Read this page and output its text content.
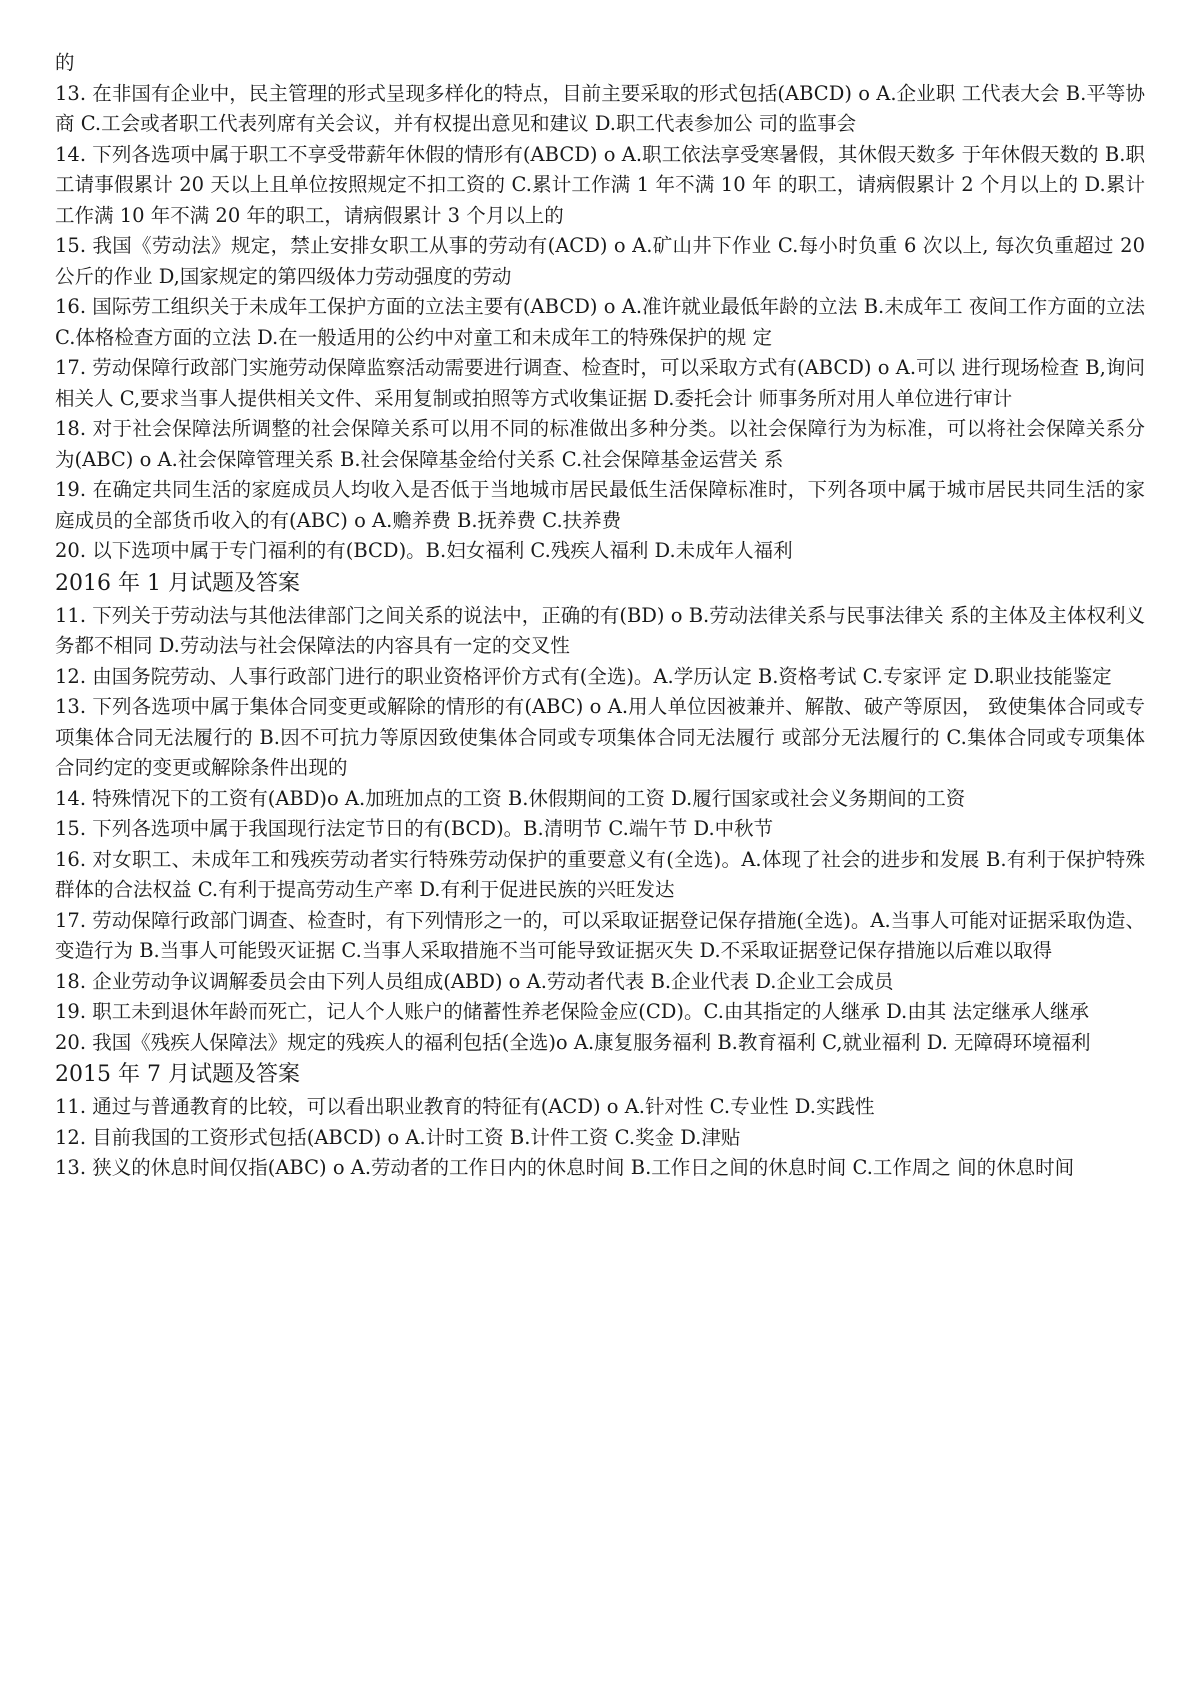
的

13. 在非国有企业中，民主管理的形式呈现多样化的特点，目前主要采取的形式包括(ABCD) o A.企业职 工代表大会 B.平等协商 C.工会或者职工代表列席有关会议，并有权提出意见和建议 D.职工代表参加公 司的监事会

14. 下列各选项中属于职工不享受带薪年休假的情形有(ABCD) o A.职工依法享受寒暑假，其休假天数多 于年休假天数的 B.职工请事假累计 20 天以上且单位按照规定不扣工资的 C.累计工作满 1 年不满 10 年 的职工，请病假累计 2 个月以上的 D.累计工作满 10 年不满 20 年的职工，请病假累计 3 个月以上的

15. 我国《劳动法》规定，禁止安排女职工从事的劳动有(ACD) o A.矿山井下作业 C.每小时负重 6 次以上, 每次负重超过 20 公斤的作业 D,国家规定的第四级体力劳动强度的劳动

16. 国际劳工组织关于未成年工保护方面的立法主要有(ABCD) o A.准许就业最低年龄的立法 B.未成年工 夜间工作方面的立法 C.体格检查方面的立法 D.在一般适用的公约中对童工和未成年工的特殊保护的规 定

17. 劳动保障行政部门实施劳动保障监察活动需要进行调查、检查时，可以采取方式有(ABCD) o A.可以 进行现场检查 B,询问相关人 C,要求当事人提供相关文件、采用复制或拍照等方式收集证据 D.委托会计 师事务所对用人单位进行审计

18. 对于社会保障法所调整的社会保障关系可以用不同的标准做出多种分类。以社会保障行为为标准，可以将社会保障关系分为(ABC) o A.社会保障管理关系 B.社会保障基金给付关系 C.社会保障基金运营关 系

19. 在确定共同生活的家庭成员人均收入是否低于当地城市居民最低生活保障标准时，下列各项中属于城市居民共同生活的家庭成员的全部货币收入的有(ABC) o A.赡养费 B.抚养费 C.扶养费

20. 以下选项中属于专门福利的有(BCD)。B.妇女福利 C.残疾人福利 D.未成年人福利

2016 年 1 月试题及答案

11. 下列关于劳动法与其他法律部门之间关系的说法中，正确的有(BD) o B.劳动法律关系与民事法律关 系的主体及主体权利义务都不相同 D.劳动法与社会保障法的内容具有一定的交叉性

12. 由国务院劳动、人事行政部门进行的职业资格评价方式有(全选)。A.学历认定 B.资格考试 C.专家评 定 D.职业技能鉴定

13. 下列各选项中属于集体合同变更或解除的情形的有(ABC) o A.用人单位因被兼并、解散、破产等原因， 致使集体合同或专项集体合同无法履行的 B.因不可抗力等原因致使集体合同或专项集体合同无法履行 或部分无法履行的 C.集体合同或专项集体合同约定的变更或解除条件出现的

14. 特殊情况下的工资有(ABD)o A.加班加点的工资 B.休假期间的工资 D.履行国家或社会义务期间的工资

15. 下列各选项中属于我国现行法定节日的有(BCD)。B.清明节 C.端午节 D.中秋节

16. 对女职工、未成年工和残疾劳动者实行特殊劳动保护的重要意义有(全选)。A.体现了社会的进步和发展 B.有利于保护特殊群体的合法权益 C.有利于提高劳动生产率 D.有利于促进民族的兴旺发达

17. 劳动保障行政部门调查、检查时，有下列情形之一的，可以采取证据登记保存措施(全选)。A.当事人可能对证据采取伪造、变造行为 B.当事人可能毁灭证据 C.当事人采取措施不当可能导致证据灭失 D.不采取证据登记保存措施以后难以取得

18. 企业劳动争议调解委员会由下列人员组成(ABD) o A.劳动者代表 B.企业代表 D.企业工会成员

19. 职工未到退休年龄而死亡，记人个人账户的储蓄性养老保险金应(CD)。C.由其指定的人继承 D.由其 法定继承人继承

20. 我国《残疾人保障法》规定的残疾人的福利包括(全选)o A.康复服务福利 B.教育福利 C,就业福利 D. 无障碍环境福利

2015 年 7 月试题及答案

11. 通过与普通教育的比较，可以看出职业教育的特征有(ACD) o A.针对性 C.专业性 D.实践性

12. 目前我国的工资形式包括(ABCD) o A.计时工资 B.计件工资 C.奖金 D.津贴

13. 狭义的休息时间仅指(ABC) o A.劳动者的工作日内的休息时间 B.工作日之间的休息时间 C.工作周之 间的休息时间
